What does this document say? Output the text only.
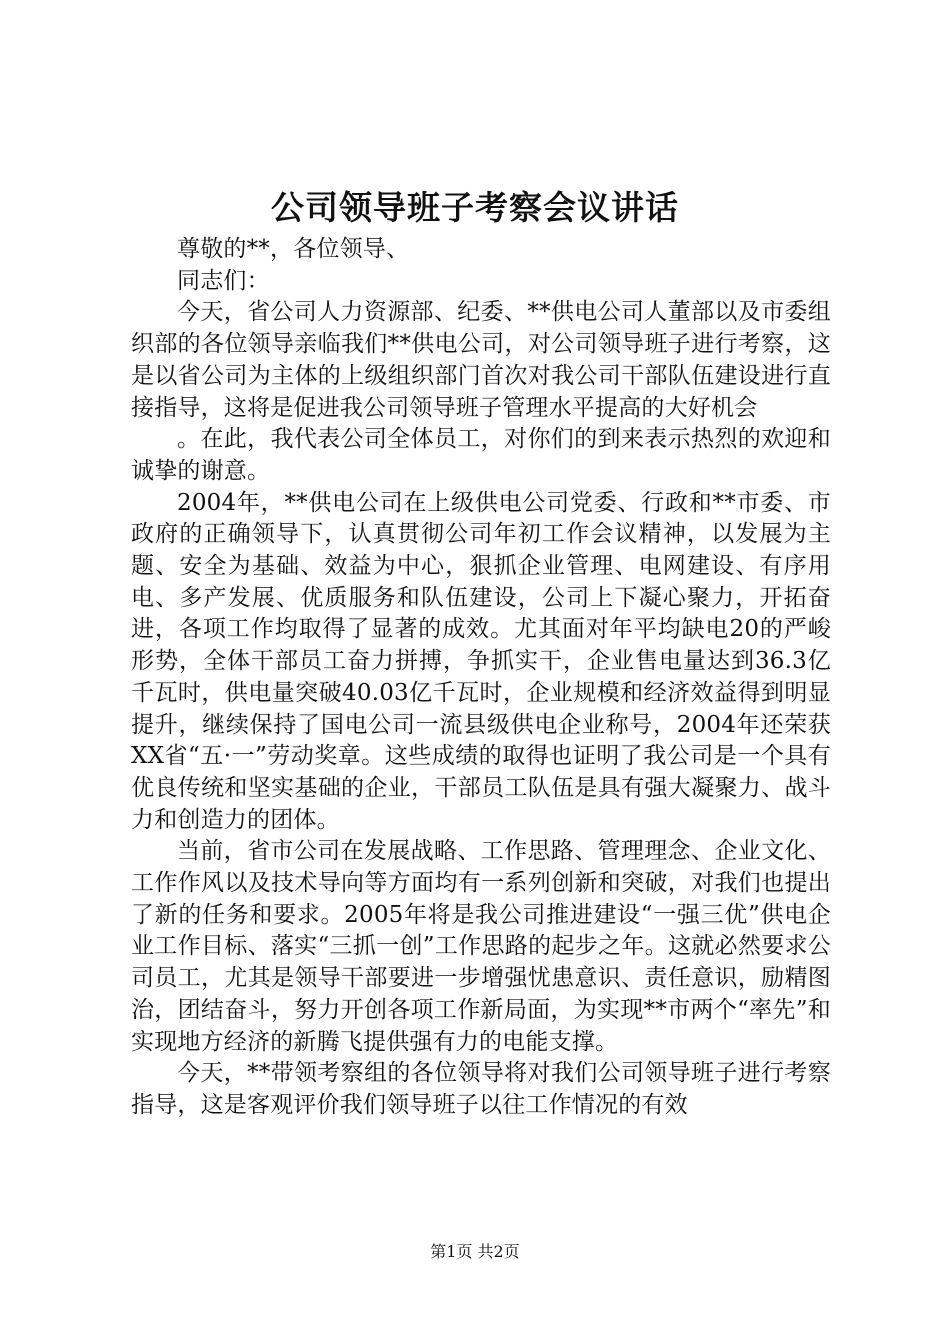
公司领导班子考察会议讲话

尊敬的**，各位领导、

同志们：

今天，省公司人力资源部、纪委、**供电公司人董部以及市委组织部的各位领导亲临我们**供电公司，对公司领导班子进行考察，这是以省公司为主体的上级组织部门首次对我公司干部队伍建设进行直接指导，这将是促进我公司领导班子管理水平提高的大好机会

。在此，我代表公司全体员工，对你们的到来表示热烈的欢迎和诚挚的谢意。

2004年，**供电公司在上级供电公司党委、行政和**市委、市政府的正确领导下，认真贯彻公司年初工作会议精神，以发展为主题、安全为基础、效益为中心，狠抓企业管理、电网建设、有序用电、多产发展、优质服务和队伍建设，公司上下凝心聚力，开拓奋进，各项工作均取得了显著的成效。尤其面对年平均缺电20的严峻形势，全体干部员工奋力拼搏，争抓实干，企业售电量达到36.3亿千瓦时，供电量突破40.03亿千瓦时，企业规模和经济效益得到明显提升，继续保持了国电公司一流县级供电企业称号，2004年还荣获XX省“五·一”劳动奖章。这些成绩的取得也证明了我公司是一个具有优良传统和坚实基础的企业，干部员工队伍是具有强大凝聚力、战斗力和创造力的团体。

当前，省市公司在发展战略、工作思路、管理理念、企业文化、工作作风以及技术导向等方面均有一系列创新和突破，对我们也提出了新的任务和要求。2005年将是我公司推进建设“一强三优”供电企业工作目标、落实“三抓一创”工作思路的起步之年。这就必然要求公司员工，尤其是领导干部要进一步增强忧患意识、责任意识，励精图治，团结奋斗，努力开创各项工作新局面，为实现**市两个“率先”和实现地方经济的新腾飞提供强有力的电能支撑。

今天，**带领考察组的各位领导将对我们公司领导班子进行考察指导，这是客观评价我们领导班子以往工作情况的有效

第1页 共2页
